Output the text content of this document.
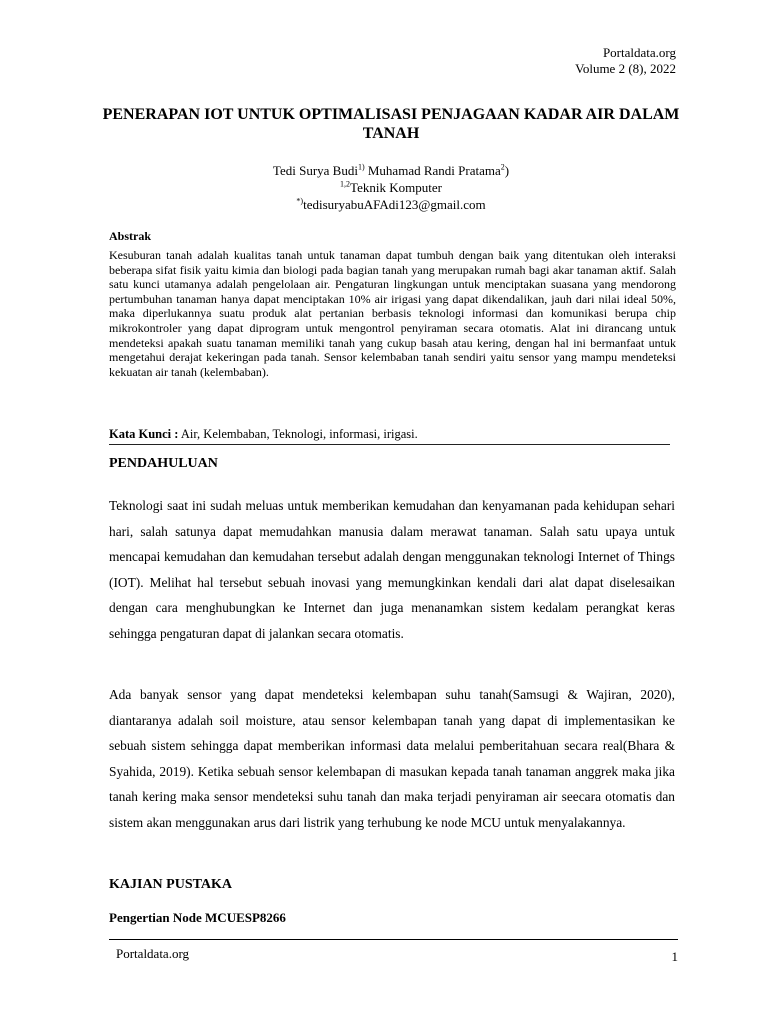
Portaldata.org
Volume 2 (8), 2022
PENERAPAN IOT UNTUK OPTIMALISASI PENJAGAAN KADAR AIR DALAM TANAH
Tedi Surya Budi$^{1)}$ Muhamad Randi Pratama$^2$)
$^{1,2}$Teknik Komputer
*)tedisuryabuAFAdi123@gmail.com
Abstrak

Kesuburan tanah adalah kualitas tanah untuk tanaman dapat tumbuh dengan baik yang ditentukan oleh interaksi beberapa sifat fisik yaitu kimia dan biologi pada bagian tanah yang merupakan rumah bagi akar tanaman aktif. Salah satu kunci utamanya adalah pengelolaan air. Pengaturan lingkungan untuk menciptakan suasana yang mendorong pertumbuhan tanaman hanya dapat menciptakan 10% air irigasi yang dapat dikendalikan, jauh dari nilai ideal 50%, maka diperlukannya suatu produk alat pertanian berbasis teknologi informasi dan komunikasi berupa chip mikrokontroler yang dapat diprogram untuk mengontrol penyiraman secara otomatis. Alat ini dirancang untuk mendeteksi apakah suatu tanaman memiliki tanah yang cukup basah atau kering, dengan hal ini bermanfaat untuk mengetahui derajat kekeringan pada tanah. Sensor kelembaban tanah sendiri yaitu sensor yang mampu mendeteksi kekuatan air tanah (kelembaban).

Kata Kunci : Air, Kelembaban, Teknologi, informasi, irigasi.
PENDAHULUAN

Teknologi saat ini sudah meluas untuk memberikan kemudahan dan kenyamanan pada kehidupan sehari hari, salah satunya dapat memudahkan manusia dalam merawat tanaman. Salah satu upaya untuk mencapai kemudahan dan kemudahan tersebut adalah dengan menggunakan teknologi Internet of Things (IOT). Melihat hal tersebut sebuah inovasi yang memungkinkan kendali dari alat dapat diselesaikan dengan cara menghubungkan ke Internet dan juga menanamkan sistem kedalam perangkat keras sehingga pengaturan dapat di jalankan secara otomatis.

Ada banyak sensor yang dapat mendeteksi kelembapan suhu tanah(Samsugi & Wajiran, 2020), diantaranya adalah soil moisture, atau sensor kelembapan tanah yang dapat di implementasikan ke sebuah sistem sehingga dapat memberikan informasi data melalui pemberitahuan secara real(Bhara & Syahida, 2019). Ketika sebuah sensor kelembapan di masukan kepada tanah tanaman anggrek maka jika tanah kering maka sensor mendeteksi suhu tanah dan maka terjadi penyiraman air seecara otomatis dan sistem akan menggunakan arus dari listrik yang terhubung ke node MCU untuk menyalakannya.

KAJIAN PUSTAKA
Pengertian Node MCUESP8266
Portaldata.org	1
